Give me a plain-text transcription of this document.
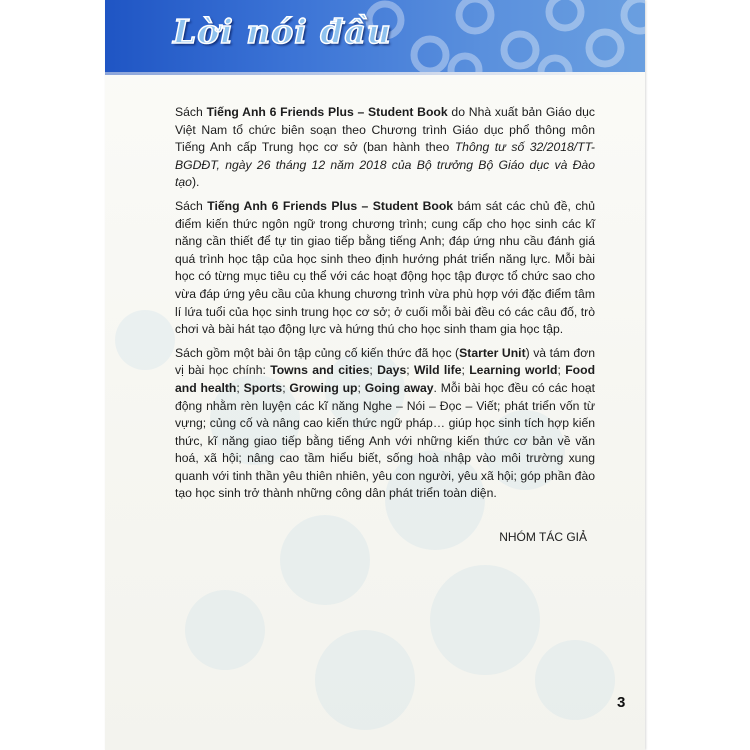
Lời nói đầu

Sách Tiếng Anh 6 Friends Plus – Student Book do Nhà xuất bản Giáo dục Việt Nam tổ chức biên soạn theo Chương trình Giáo dục phổ thông môn Tiếng Anh cấp Trung học cơ sở (ban hành theo Thông tư số 32/2018/TT-BGDĐT, ngày 26 tháng 12 năm 2018 của Bộ trưởng Bộ Giáo dục và Đào tạo).

Sách Tiếng Anh 6 Friends Plus – Student Book bám sát các chủ đề, chủ điểm kiến thức ngôn ngữ trong chương trình; cung cấp cho học sinh các kĩ năng cần thiết để tự tin giao tiếp bằng tiếng Anh; đáp ứng nhu cầu đánh giá quá trình học tập của học sinh theo định hướng phát triển năng lực. Mỗi bài học có từng mục tiêu cụ thể với các hoạt động học tập được tổ chức sao cho vừa đáp ứng yêu cầu của khung chương trình vừa phù hợp với đặc điểm tâm lí lứa tuổi của học sinh trung học cơ sở; ở cuối mỗi bài đều có các câu đố, trò chơi và bài hát tạo động lực và hứng thú cho học sinh tham gia học tập.

Sách gồm một bài ôn tập củng cố kiến thức đã học (Starter Unit) và tám đơn vị bài học chính: Towns and cities; Days; Wild life; Learning world; Food and health; Sports; Growing up; Going away. Mỗi bài học đều có các hoạt động nhằm rèn luyện các kĩ năng Nghe – Nói – Đọc – Viết; phát triển vốn từ vựng; củng cố và nâng cao kiến thức ngữ pháp… giúp học sinh tích hợp kiến thức, kĩ năng giao tiếp bằng tiếng Anh với những kiến thức cơ bản về văn hoá, xã hội; nâng cao tầm hiểu biết, sống hoà nhập vào môi trường xung quanh với tinh thần yêu thiên nhiên, yêu con người, yêu xã hội; góp phần đào tạo học sinh trở thành những công dân phát triển toàn diện.

NHÓM TÁC GIẢ
3
